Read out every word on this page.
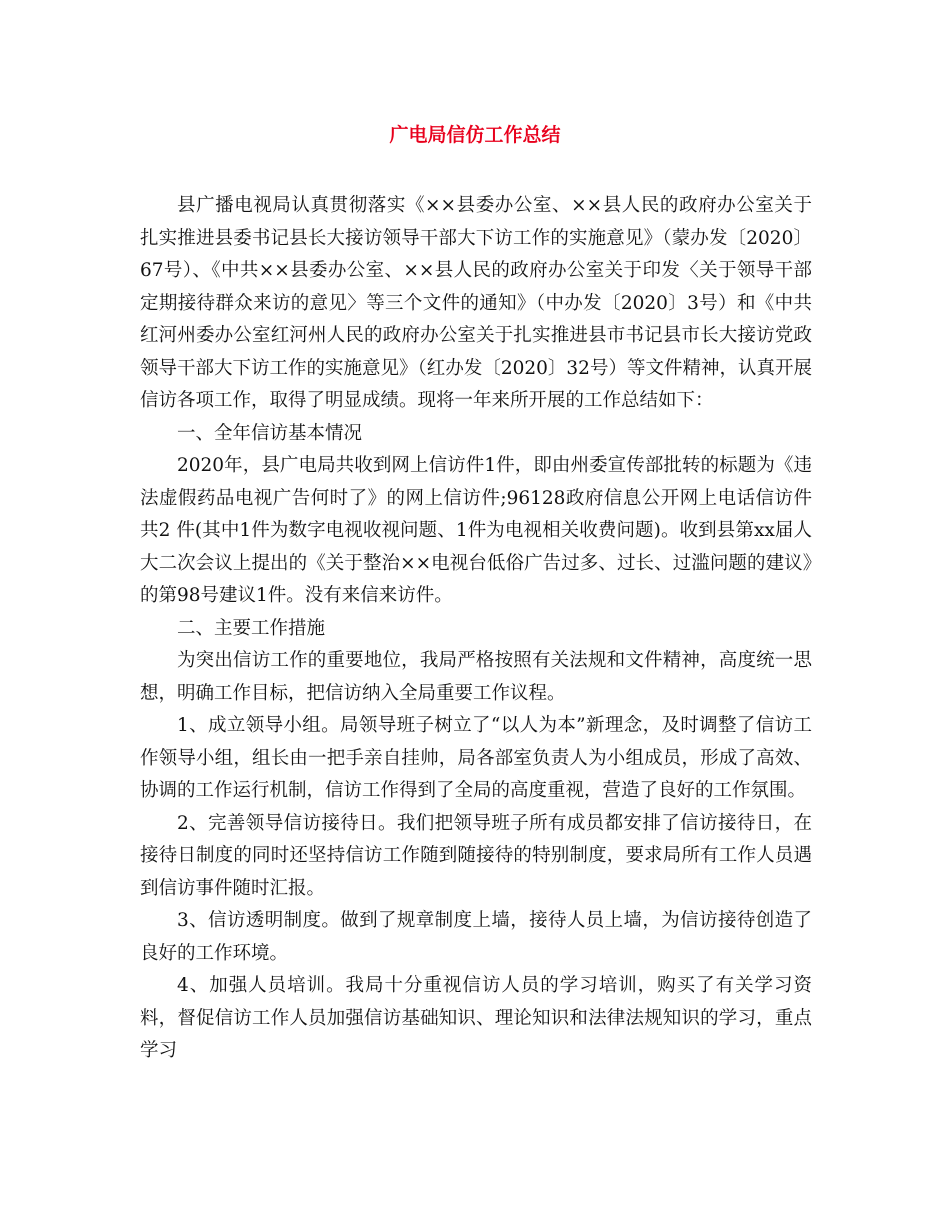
广电局信仿工作总结

县广播电视局认真贯彻落实《××县委办公室、××县人民的政府办公室关于扎实推进县委书记县长大接访领导干部大下访工作的实施意见》（蒙办发〔2020〕67号）、《中共××县委办公室、××县人民的政府办公室关于印发〈关于领导干部定期接待群众来访的意见〉等三个文件的通知》（中办发〔2020〕3号）和《中共红河州委办公室红河州人民的政府办公室关于扎实推进县市书记县市长大接访党政领导干部大下访工作的实施意见》（红办发〔2020〕32号）等文件精神，认真开展信访各项工作，取得了明显成绩。现将一年来所开展的工作总结如下：

一、全年信访基本情况

2020年，县广电局共收到网上信访件1件，即由州委宣传部批转的标题为《违法虚假药品电视广告何时了》的网上信访件;96128政府信息公开网上电话信访件共2 件(其中1件为数字电视收视问题、1件为电视相关收费问题)。收到县第xx届人大二次会议上提出的《关于整治××电视台低俗广告过多、过长、过滥问题的建议》的第98号建议1件。没有来信来访件。

二、主要工作措施

为突出信访工作的重要地位，我局严格按照有关法规和文件精神，高度统一思想，明确工作目标，把信访纳入全局重要工作议程。

1、成立领导小组。局领导班子树立了“以人为本”新理念，及时调整了信访工作领导小组，组长由一把手亲自挂帅，局各部室负责人为小组成员，形成了高效、协调的工作运行机制，信访工作得到了全局的高度重视，营造了良好的工作氛围。

2、完善领导信访接待日。我们把领导班子所有成员都安排了信访接待日，在接待日制度的同时还坚持信访工作随到随接待的特别制度，要求局所有工作人员遇到信访事件随时汇报。

3、信访透明制度。做到了规章制度上墙，接待人员上墙，为信访接待创造了良好的工作环境。

4、加强人员培训。我局十分重视信访人员的学习培训，购买了有关学习资料，督促信访工作人员加强信访基础知识、理论知识和法律法规知识的学习，重点学习
